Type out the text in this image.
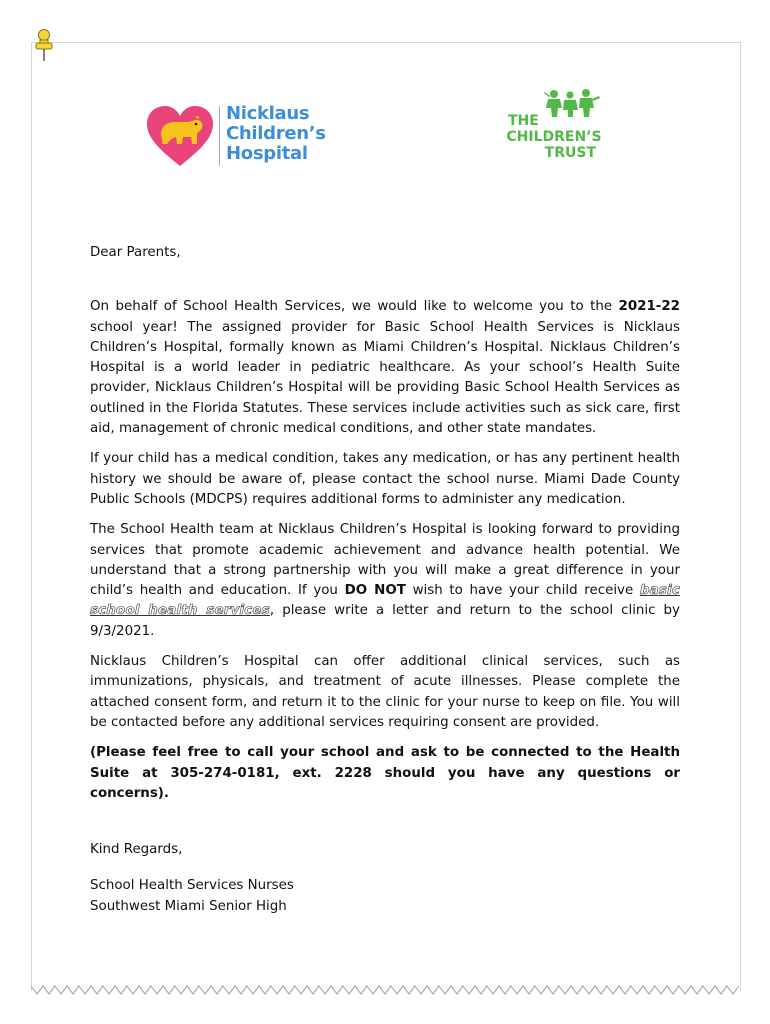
Nicklaus
Children’s
Hospital
THE
CHILDREN’S
TRUST

Dear Parents,

On behalf of School Health Services, we would like to welcome you to the 2021-22 school year! The assigned provider for Basic School Health Services is Nicklaus Children’s Hospital, formally known as Miami Children’s Hospital. Nicklaus Children’s Hospital is a world leader in pediatric healthcare. As your school’s Health Suite provider, Nicklaus Children’s Hospital will be providing Basic School Health Services as outlined in the Florida Statutes. These services include activities such as sick care, first aid, management of chronic medical conditions, and other state mandates.

If your child has a medical condition, takes any medication, or has any pertinent health history we should be aware of, please contact the school nurse. Miami Dade County Public Schools (MDCPS) requires additional forms to administer any medication.

The School Health team at Nicklaus Children’s Hospital is looking forward to providing services that promote academic achievement and advance health potential. We understand that a strong partnership with you will make a great difference in your child’s health and education. If you DO NOT wish to have your child receive basic school health services, please write a letter and return to the school clinic by 9/3/2021.

Nicklaus Children’s Hospital can offer additional clinical services, such as immunizations, physicals, and treatment of acute illnesses. Please complete the attached consent form, and return it to the clinic for your nurse to keep on file. You will be contacted before any additional services requiring consent are provided.

(Please feel free to call your school and ask to be connected to the Health Suite at 305-274-0181, ext. 2228 should you have any questions or concerns).

Kind Regards,

School Health Services Nurses

Southwest Miami Senior High
